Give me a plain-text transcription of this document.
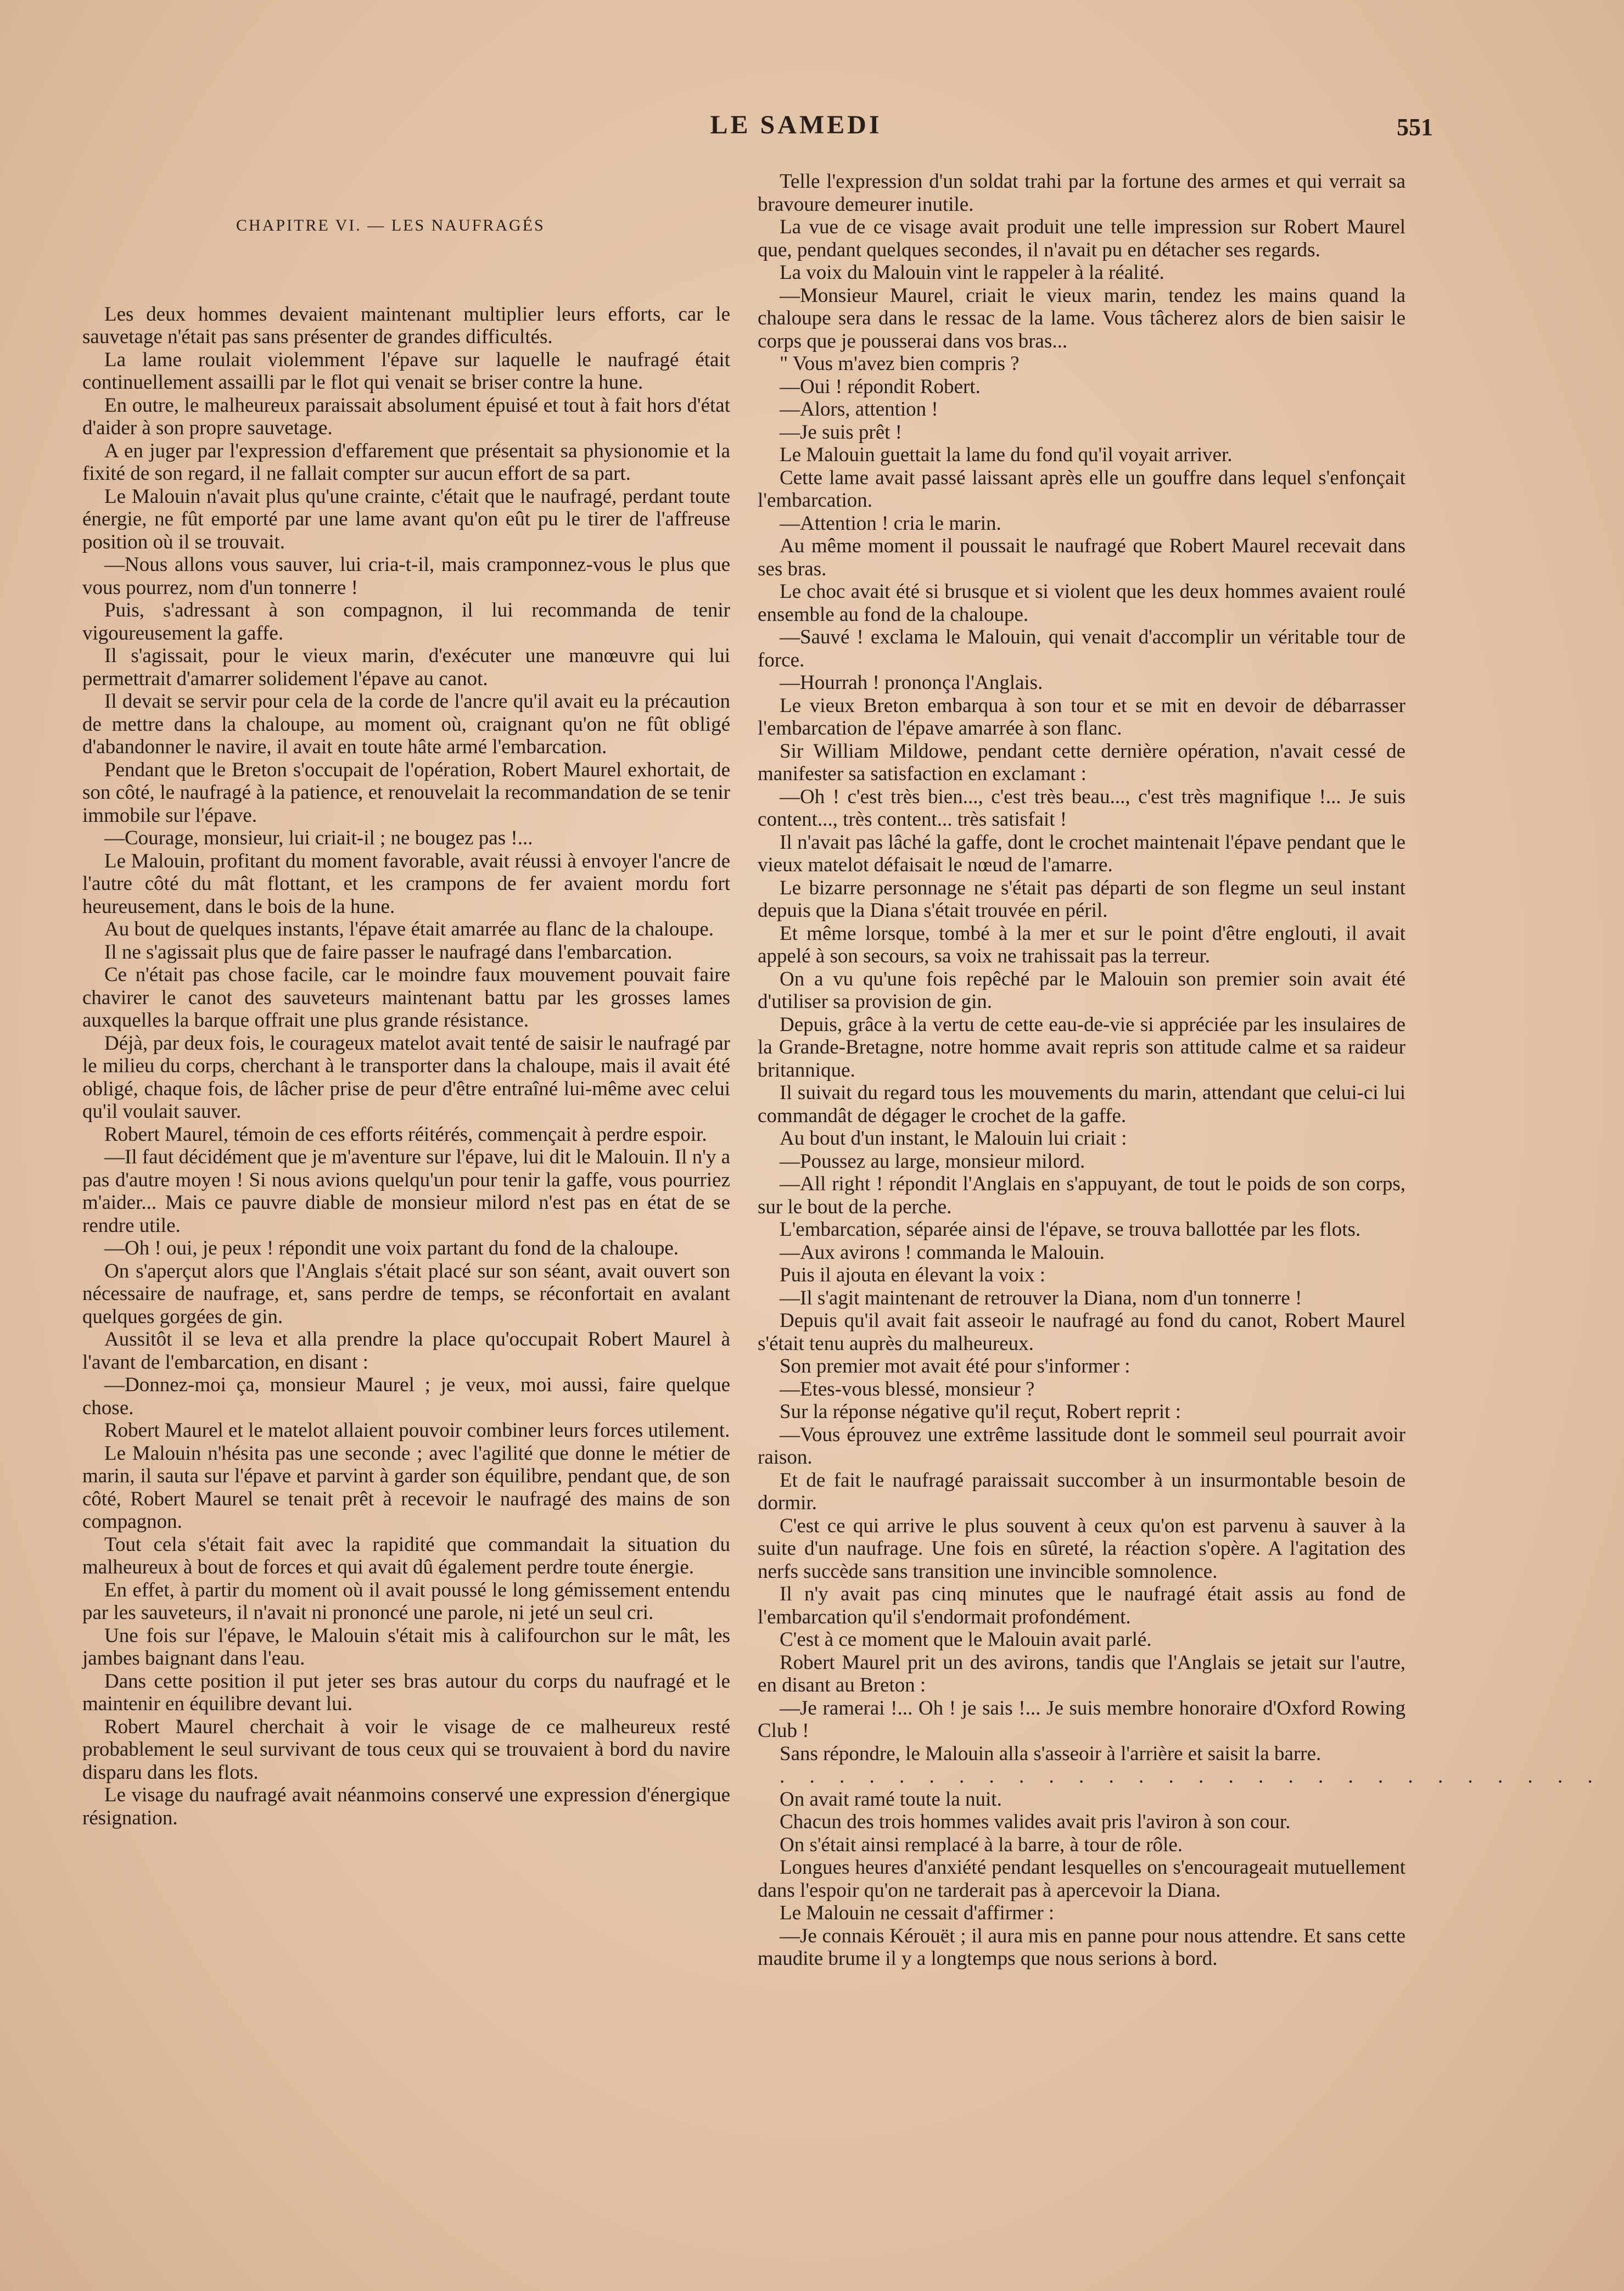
LE SAMEDI	551
CHAPITRE VI. — LES NAUFRAGÉS

Les deux hommes devaient maintenant multiplier leurs efforts, car le sauvetage n'était pas sans présenter de grandes difficultés.

La lame roulait violemment l'épave sur laquelle le naufragé était continuellement assailli par le flot qui venait se briser contre la hune.

En outre, le malheureux paraissait absolument épuisé et tout à fait hors d'état d'aider à son propre sauvetage.

A en juger par l'expression d'effarement que présentait sa physionomie et la fixité de son regard, il ne fallait compter sur aucun effort de sa part.

Le Malouin n'avait plus qu'une crainte, c'était que le naufragé, perdant toute énergie, ne fût emporté par une lame avant qu'on eût pu le tirer de l'affreuse position où il se trouvait.

—Nous allons vous sauver, lui cria-t-il, mais cramponnez-vous le plus que vous pourrez, nom d'un tonnerre !

Puis, s'adressant à son compagnon, il lui recommanda de tenir vigoureusement la gaffe.

Il s'agissait, pour le vieux marin, d'exécuter une manœuvre qui lui permettrait d'amarrer solidement l'épave au canot.

Il devait se servir pour cela de la corde de l'ancre qu'il avait eu la précaution de mettre dans la chaloupe, au moment où, craignant qu'on ne fût obligé d'abandonner le navire, il avait en toute hâte armé l'embarcation.

Pendant que le Breton s'occupait de l'opération, Robert Maurel exhortait, de son côté, le naufragé à la patience, et renouvelait la recommandation de se tenir immobile sur l'épave.

—Courage, monsieur, lui criait-il ; ne bougez pas !...

Le Malouin, profitant du moment favorable, avait réussi à envoyer l'ancre de l'autre côté du mât flottant, et les crampons de fer avaient mordu fort heureusement, dans le bois de la hune.

Au bout de quelques instants, l'épave était amarrée au flanc de la chaloupe.

Il ne s'agissait plus que de faire passer le naufragé dans l'embarcation.

Ce n'était pas chose facile, car le moindre faux mouvement pouvait faire chavirer le canot des sauveteurs maintenant battu par les grosses lames auxquelles la barque offrait une plus grande résistance.

Déjà, par deux fois, le courageux matelot avait tenté de saisir le naufragé par le milieu du corps, cherchant à le transporter dans la chaloupe, mais il avait été obligé, chaque fois, de lâcher prise de peur d'être entraîné lui-même avec celui qu'il voulait sauver.

Robert Maurel, témoin de ces efforts réitérés, commençait à perdre espoir.

—Il faut décidément que je m'aventure sur l'épave, lui dit le Malouin. Il n'y a pas d'autre moyen ! Si nous avions quelqu'un pour tenir la gaffe, vous pourriez m'aider... Mais ce pauvre diable de monsieur milord n'est pas en état de se rendre utile.

—Oh ! oui, je peux ! répondit une voix partant du fond de la chaloupe.

On s'aperçut alors que l'Anglais s'était placé sur son séant, avait ouvert son nécessaire de naufrage, et, sans perdre de temps, se réconfortait en avalant quelques gorgées de gin.

Aussitôt il se leva et alla prendre la place qu'occupait Robert Maurel à l'avant de l'embarcation, en disant :

—Donnez-moi ça, monsieur Maurel ; je veux, moi aussi, faire quelque chose.

Robert Maurel et le matelot allaient pouvoir combiner leurs forces utilement.

Le Malouin n'hésita pas une seconde ; avec l'agilité que donne le métier de marin, il sauta sur l'épave et parvint à garder son équilibre, pendant que, de son côté, Robert Maurel se tenait prêt à recevoir le naufragé des mains de son compagnon.

Tout cela s'était fait avec la rapidité que commandait la situation du malheureux à bout de forces et qui avait dû également perdre toute énergie.

En effet, à partir du moment où il avait poussé le long gémissement entendu par les sauveteurs, il n'avait ni prononcé une parole, ni jeté un seul cri.

Une fois sur l'épave, le Malouin s'était mis à califourchon sur le mât, les jambes baignant dans l'eau.

Dans cette position il put jeter ses bras autour du corps du naufragé et le maintenir en équilibre devant lui.

Robert Maurel cherchait à voir le visage de ce malheureux resté probablement le seul survivant de tous ceux qui se trouvaient à bord du navire disparu dans les flots.

Le visage du naufragé avait néanmoins conservé une expression d'énergique résignation.

Telle l'expression d'un soldat trahi par la fortune des armes et qui verrait sa bravoure demeurer inutile.

La vue de ce visage avait produit une telle impression sur Robert Maurel que, pendant quelques secondes, il n'avait pu en détacher ses regards.

La voix du Malouin vint le rappeler à la réalité.

—Monsieur Maurel, criait le vieux marin, tendez les mains quand la chaloupe sera dans le ressac de la lame. Vous tâcherez alors de bien saisir le corps que je pousserai dans vos bras...

" Vous m'avez bien compris ?

—Oui ! répondit Robert.

—Alors, attention !

—Je suis prêt !

Le Malouin guettait la lame du fond qu'il voyait arriver.

Cette lame avait passé laissant après elle un gouffre dans lequel s'enfonçait l'embarcation.

—Attention ! cria le marin.

Au même moment il poussait le naufragé que Robert Maurel recevait dans ses bras.

Le choc avait été si brusque et si violent que les deux hommes avaient roulé ensemble au fond de la chaloupe.

—Sauvé ! exclama le Malouin, qui venait d'accomplir un véritable tour de force.

—Hourrah ! prononça l'Anglais.

Le vieux Breton embarqua à son tour et se mit en devoir de débarrasser l'embarcation de l'épave amarrée à son flanc.

Sir William Mildowe, pendant cette dernière opération, n'avait cessé de manifester sa satisfaction en exclamant :

—Oh ! c'est très bien..., c'est très beau..., c'est très magnifique !... Je suis content..., très content... très satisfait !

Il n'avait pas lâché la gaffe, dont le crochet maintenait l'épave pendant que le vieux matelot défaisait le nœud de l'amarre.

Le bizarre personnage ne s'était pas départi de son flegme un seul instant depuis que la Diana s'était trouvée en péril.

Et même lorsque, tombé à la mer et sur le point d'être englouti, il avait appelé à son secours, sa voix ne trahissait pas la terreur.

On a vu qu'une fois repêché par le Malouin son premier soin avait été d'utiliser sa provision de gin.

Depuis, grâce à la vertu de cette eau-de-vie si appréciée par les insulaires de la Grande-Bretagne, notre homme avait repris son attitude calme et sa raideur britannique.

Il suivait du regard tous les mouvements du marin, attendant que celui-ci lui commandât de dégager le crochet de la gaffe.

Au bout d'un instant, le Malouin lui criait :

—Poussez au large, monsieur milord.

—All right ! répondit l'Anglais en s'appuyant, de tout le poids de son corps, sur le bout de la perche.

L'embarcation, séparée ainsi de l'épave, se trouva ballottée par les flots.

—Aux avirons ! commanda le Malouin.

Puis il ajouta en élevant la voix :

—Il s'agit maintenant de retrouver la Diana, nom d'un tonnerre !

Depuis qu'il avait fait asseoir le naufragé au fond du canot, Robert Maurel s'était tenu auprès du malheureux.

Son premier mot avait été pour s'informer :

—Etes-vous blessé, monsieur ?

Sur la réponse négative qu'il reçut, Robert reprit :

—Vous éprouvez une extrême lassitude dont le sommeil seul pourrait avoir raison.

Et de fait le naufragé paraissait succomber à un insurmontable besoin de dormir.

C'est ce qui arrive le plus souvent à ceux qu'on est parvenu à sauver à la suite d'un naufrage. Une fois en sûreté, la réaction s'opère. A l'agitation des nerfs succède sans transition une invincible somnolence.

Il n'y avait pas cinq minutes que le naufragé était assis au fond de l'embarcation qu'il s'endormait profondément.

C'est à ce moment que le Malouin avait parlé.

Robert Maurel prit un des avirons, tandis que l'Anglais se jetait sur l'autre, en disant au Breton :

—Je ramerai !... Oh ! je sais !... Je suis membre honoraire d'Oxford Rowing Club !

Sans répondre, le Malouin alla s'asseoir à l'arrière et saisit la barre.

. . . . . . . . . . . . . . . . . . . . . . . . . . . .

On avait ramé toute la nuit.

Chacun des trois hommes valides avait pris l'aviron à son cour.

On s'était ainsi remplacé à la barre, à tour de rôle.

Longues heures d'anxiété pendant lesquelles on s'encourageait mutuellement dans l'espoir qu'on ne tarderait pas à apercevoir la Diana.

Le Malouin ne cessait d'affirmer :

—Je connais Kérouët ; il aura mis en panne pour nous attendre. Et sans cette maudite brume il y a longtemps que nous serions à bord.
